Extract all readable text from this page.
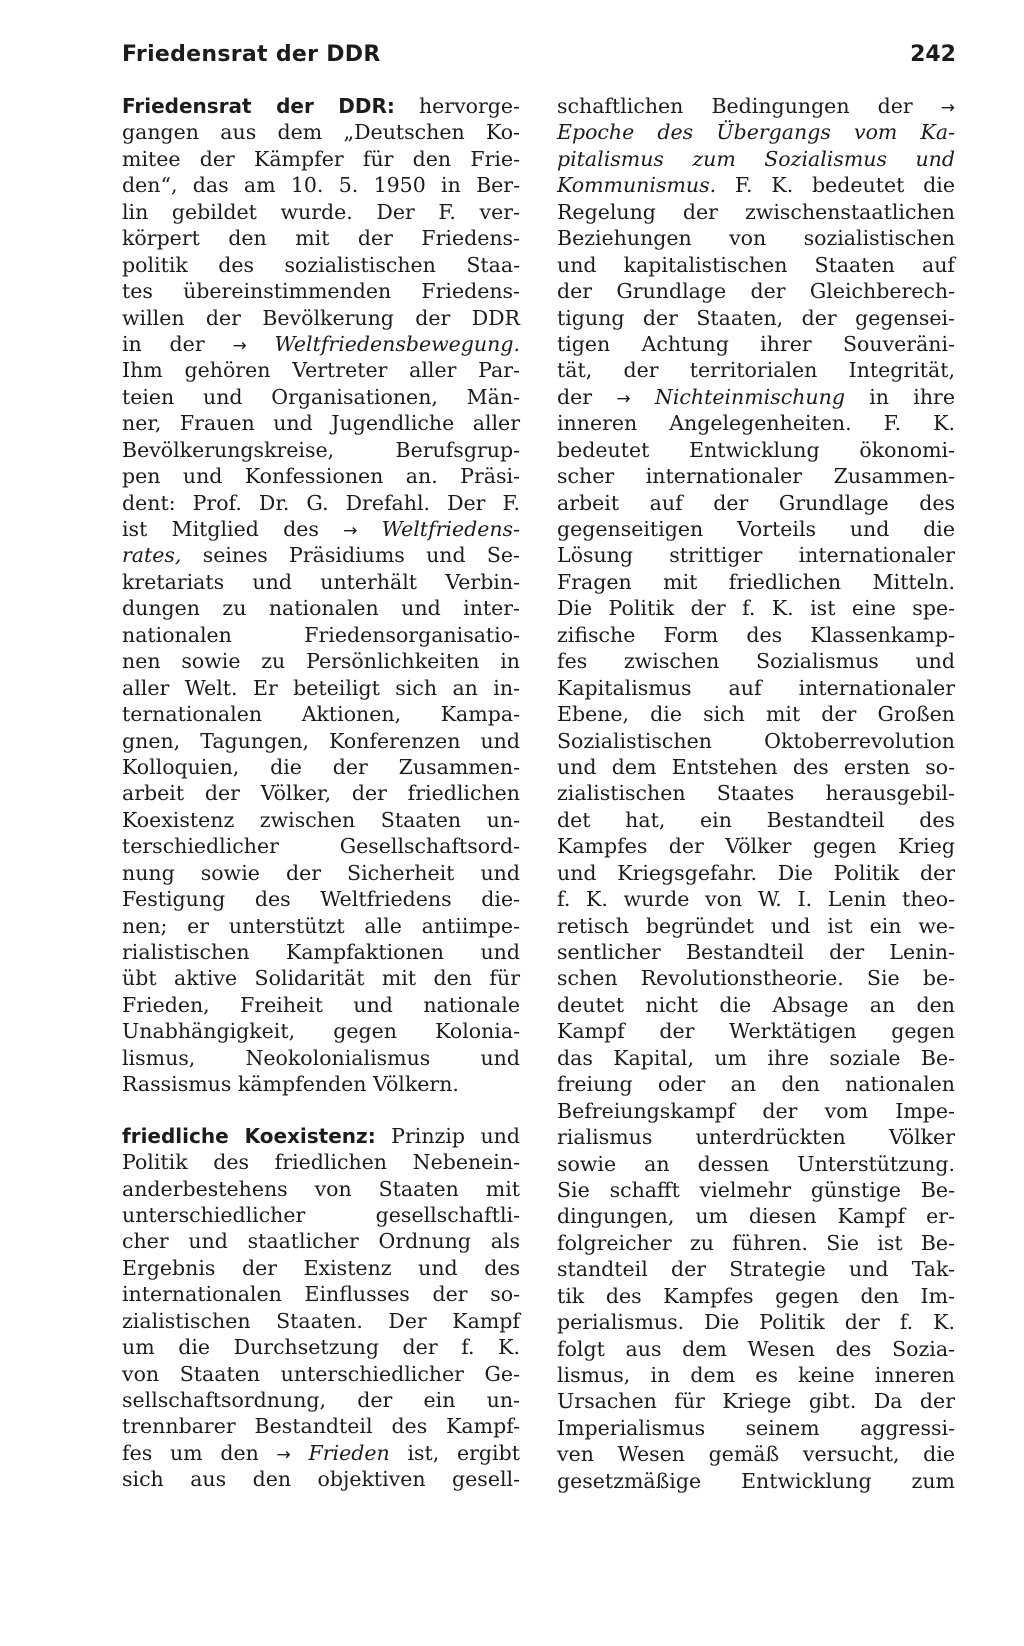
Friedensrat der DDR	242
Friedensrat der DDR: hervorge-
gangen aus dem „Deutschen Ko-
mitee der Kämpfer für den Frie-
den“, das am 10. 5. 1950 in Ber-
lin gebildet wurde. Der F. ver-
körpert den mit der Friedens-
politik des sozialistischen Staa-
tes übereinstimmenden Friedens-
willen der Bevölkerung der DDR
in der → Weltfriedensbewegung.
Ihm gehören Vertreter aller Par-
teien und Organisationen, Män-
ner, Frauen und Jugendliche aller
Bevölkerungskreise, Berufsgrup-
pen und Konfessionen an. Präsi-
dent: Prof. Dr. G. Drefahl. Der F.
ist Mitglied des → Weltfriedens-
rates, seines Präsidiums und Se-
kretariats und unterhält Verbin-
dungen zu nationalen und inter-
nationalen Friedensorganisatio-
nen sowie zu Persönlichkeiten in
aller Welt. Er beteiligt sich an in-
ternationalen Aktionen, Kampa-
gnen, Tagungen, Konferenzen und
Kolloquien, die der Zusammen-
arbeit der Völker, der friedlichen
Koexistenz zwischen Staaten un-
terschiedlicher Gesellschaftsord-
nung sowie der Sicherheit und
Festigung des Weltfriedens die-
nen; er unterstützt alle antiimpe-
rialistischen Kampfaktionen und
übt aktive Solidarität mit den für
Frieden, Freiheit und nationale
Unabhängigkeit, gegen Kolonia-
lismus, Neokolonialismus und
Rassismus kämpfenden Völkern.
friedliche Koexistenz: Prinzip und
Politik des friedlichen Nebenein-
anderbestehens von Staaten mit
unterschiedlicher gesellschaftli-
cher und staatlicher Ordnung als
Ergebnis der Existenz und des
internationalen Einflusses der so-
zialistischen Staaten. Der Kampf
um die Durchsetzung der f. K.
von Staaten unterschiedlicher Ge-
sellschaftsordnung, der ein un-
trennbarer Bestandteil des Kampf-
fes um den → Frieden ist, ergibt
sich aus den objektiven gesell-
schaftlichen Bedingungen der →
Epoche des Übergangs vom Ka-
pitalismus zum Sozialismus und
Kommunismus. F. K. bedeutet die
Regelung der zwischenstaatlichen
Beziehungen von sozialistischen
und kapitalistischen Staaten auf
der Grundlage der Gleichberech-
tigung der Staaten, der gegensei-
tigen Achtung ihrer Souveräni-
tät, der territorialen Integrität,
der → Nichteinmischung in ihre
inneren Angelegenheiten. F. K.
bedeutet Entwicklung ökonomi-
scher internationaler Zusammen-
arbeit auf der Grundlage des
gegenseitigen Vorteils und die
Lösung strittiger internationaler
Fragen mit friedlichen Mitteln.
Die Politik der f. K. ist eine spe-
zifische Form des Klassenkamp-
fes zwischen Sozialismus und
Kapitalismus auf internationaler
Ebene, die sich mit der Großen
Sozialistischen Oktoberrevolution
und dem Entstehen des ersten so-
zialistischen Staates herausgebil-
det hat, ein Bestandteil des
Kampfes der Völker gegen Krieg
und Kriegsgefahr. Die Politik der
f. K. wurde von W. I. Lenin theo-
retisch begründet und ist ein we-
sentlicher Bestandteil der Lenin-
schen Revolutionstheorie. Sie be-
deutet nicht die Absage an den
Kampf der Werktätigen gegen
das Kapital, um ihre soziale Be-
freiung oder an den nationalen
Befreiungskampf der vom Impe-
rialismus unterdrückten Völker
sowie an dessen Unterstützung.
Sie schafft vielmehr günstige Be-
dingungen, um diesen Kampf er-
folgreicher zu führen. Sie ist Be-
standteil der Strategie und Tak-
tik des Kampfes gegen den Im-
perialismus. Die Politik der f. K.
folgt aus dem Wesen des Sozia-
lismus, in dem es keine inneren
Ursachen für Kriege gibt. Da der
Imperialismus seinem aggressi-
ven Wesen gemäß versucht, die
gesetzmäßige Entwicklung zum
